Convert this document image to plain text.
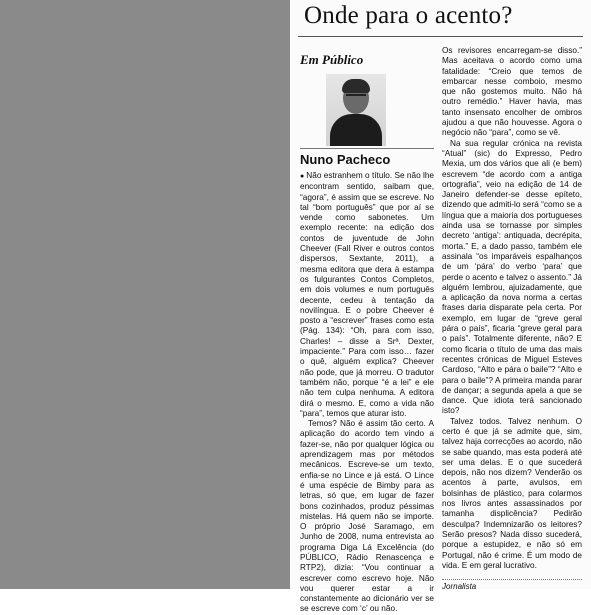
Onde para o acento?
Em Público
Nuno Pacheco

● Não estranhem o título. Se não lhe encontram sentido, saibam que, “agora”, é assim que se escreve. No tal “bom português” que por aí se vende como sabonetes. Um exemplo recente: na edição dos contos de juventude de John Cheever (Fall River e outros contos dispersos, Sextante, 2011), a mesma editora que dera à estampa os fulgurantes Contos Completos, em dois volumes e num português decente, cedeu à tentação da novilíngua. E o pobre Cheever é posto a “escrever” frases como esta (Pág. 134): “Oh, para com isso, Charles! – disse a Srª. Dexter, impaciente.” Para com isso… fazer o quê, alguém explica? Cheever não pode, que já morreu. O tradutor também não, porque “é a lei” e ele não tem culpa nenhuma. A editora dirá o mesmo. E, como a vida não “para”, temos que aturar isto.

Temos? Não é assim tão certo. A aplicação do acordo tem vindo a fazer-se, não por qualquer lógica ou aprendizagem mas por métodos mecânicos. Escreve-se um texto, enfia-se no Lince e já está. O Lince é uma espécie de Bimby para as letras, só que, em lugar de fazer bons cozinhados, produz péssimas mistelas. Há quem não se importe. O próprio José Saramago, em Junho de 2008, numa entrevista ao programa Diga Lá Excelência (do PÚBLICO, Rádio Renascença e RTP2), dizia: “Vou continuar a escrever como escrevo hoje. Não vou querer estar a ir constantemente ao dicionário ver se se escreve com ‘c’ ou não.

Os revisores encarregam-se disso.” Mas aceitava o acordo como uma fatalidade: “Creio que temos de embarcar nesse comboio, mesmo que não gostemos muito. Não há outro remédio.” Haver havia, mas tanto insensato encolher de ombros ajudou a que não houvesse. Agora o negócio não “para”, como se vê.

Na sua regular crónica na revista “Atual” (sic) do Expresso, Pedro Mexia, um dos vários que ali (e bem) escrevem “de acordo com a antiga ortografia”, veio na edição de 14 de Janeiro defender-se desse epíteto, dizendo que admiti-lo será “como se a língua que a maioria dos portugueses ainda usa se tornasse por simples decreto ‘antiga’: antiquada, decrépita, morta.” E, a dado passo, também ele assinala “os imparáveis espalhanços de um ‘pára’ do verbo ‘para’ que perde o acento e talvez o assento.” Já alguém lembrou, ajuizadamente, que a aplicação da nova norma a certas frases daria disparate pela certa. Por exemplo, em lugar de “greve geral pára o país”, ficaria “greve geral para o país”. Totalmente diferente, não? E como ficaria o título de uma das mais recentes crónicas de Miguel Esteves Cardoso, “Alto e pára o baile”? “Alto e para o baile”? A primeira manda parar de dançar; a segunda apela a que se dance. Que idiota terá sancionado isto?

Talvez todos. Talvez nenhum. O certo é que já se admite que, sim, talvez haja correcções ao acordo, não se sabe quando, mas esta poderá até ser uma delas. E o que sucederá depois, não nos dizem? Venderão os acentos à parte, avulsos, em bolsinhas de plástico, para colarmos nos livros antes assassinados por tamanha displicência? Pedirão desculpa? Indemnizarão os leitores? Serão presos? Nada disso sucederá, porque a estupidez, e não só em Portugal, não é crime. É um modo de vida. E em geral lucrativo.

Jornalista
